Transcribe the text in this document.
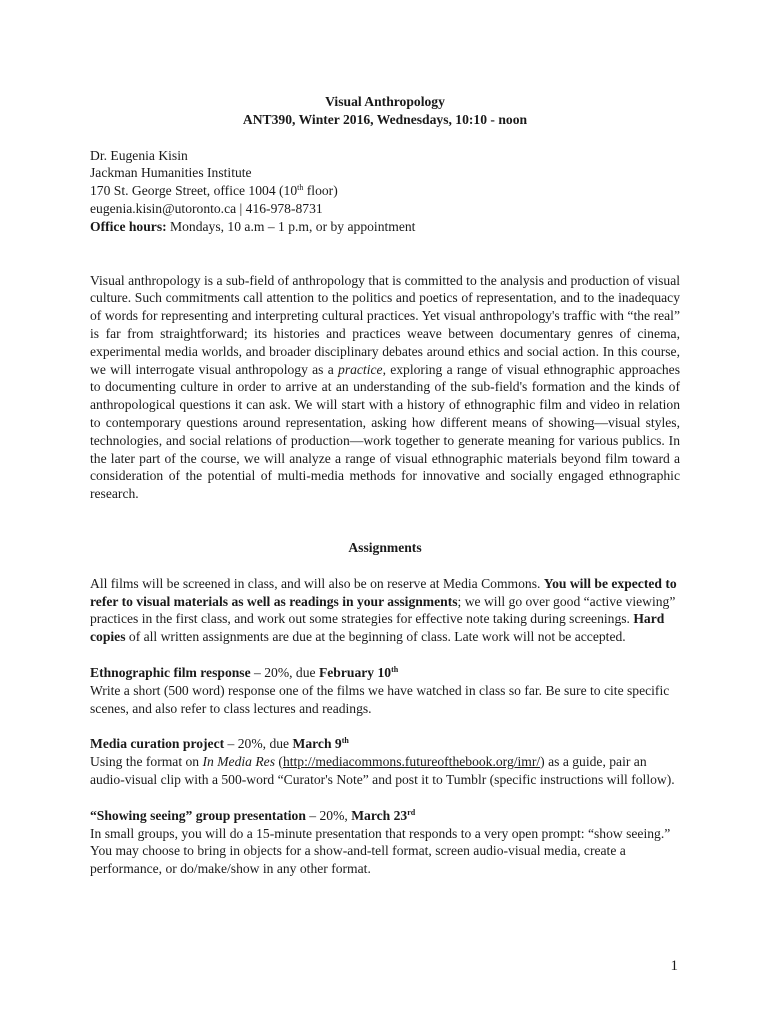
Visual Anthropology
ANT390, Winter 2016, Wednesdays, 10:10 - noon
Dr. Eugenia Kisin
Jackman Humanities Institute
170 St. George Street, office 1004 (10th floor)
eugenia.kisin@utoronto.ca | 416-978-8731
Office hours: Mondays, 10 a.m – 1 p.m, or by appointment

Visual anthropology is a sub-field of anthropology that is committed to the analysis and production of visual culture. Such commitments call attention to the politics and poetics of representation, and to the inadequacy of words for representing and interpreting cultural practices. Yet visual anthropology's traffic with “the real” is far from straightforward; its histories and practices weave between documentary genres of cinema, experimental media worlds, and broader disciplinary debates around ethics and social action. In this course, we will interrogate visual anthropology as a practice, exploring a range of visual ethnographic approaches to documenting culture in order to arrive at an understanding of the sub-field's formation and the kinds of anthropological questions it can ask. We will start with a history of ethnographic film and video in relation to contemporary questions around representation, asking how different means of showing—visual styles, technologies, and social relations of production—work together to generate meaning for various publics. In the later part of the course, we will analyze a range of visual ethnographic materials beyond film toward a consideration of the potential of multi-media methods for innovative and socially engaged ethnographic research.

Assignments

All films will be screened in class, and will also be on reserve at Media Commons. You will be expected to refer to visual materials as well as readings in your assignments; we will go over good “active viewing” practices in the first class, and work out some strategies for effective note taking during screenings. Hard copies of all written assignments are due at the beginning of class. Late work will not be accepted.

Ethnographic film response – 20%, due February 10th

Write a short (500 word) response one of the films we have watched in class so far. Be sure to cite specific scenes, and also refer to class lectures and readings.

Media curation project – 20%, due March 9th

Using the format on In Media Res (http://mediacommons.futureofthebook.org/imr/) as a guide, pair an audio-visual clip with a 500-word “Curator's Note” and post it to Tumblr (specific instructions will follow).

“Showing seeing” group presentation – 20%, March 23rd

In small groups, you will do a 15-minute presentation that responds to a very open prompt: “show seeing.” You may choose to bring in objects for a show-and-tell format, screen audio-visual media, create a performance, or do/make/show in any other format.

1
